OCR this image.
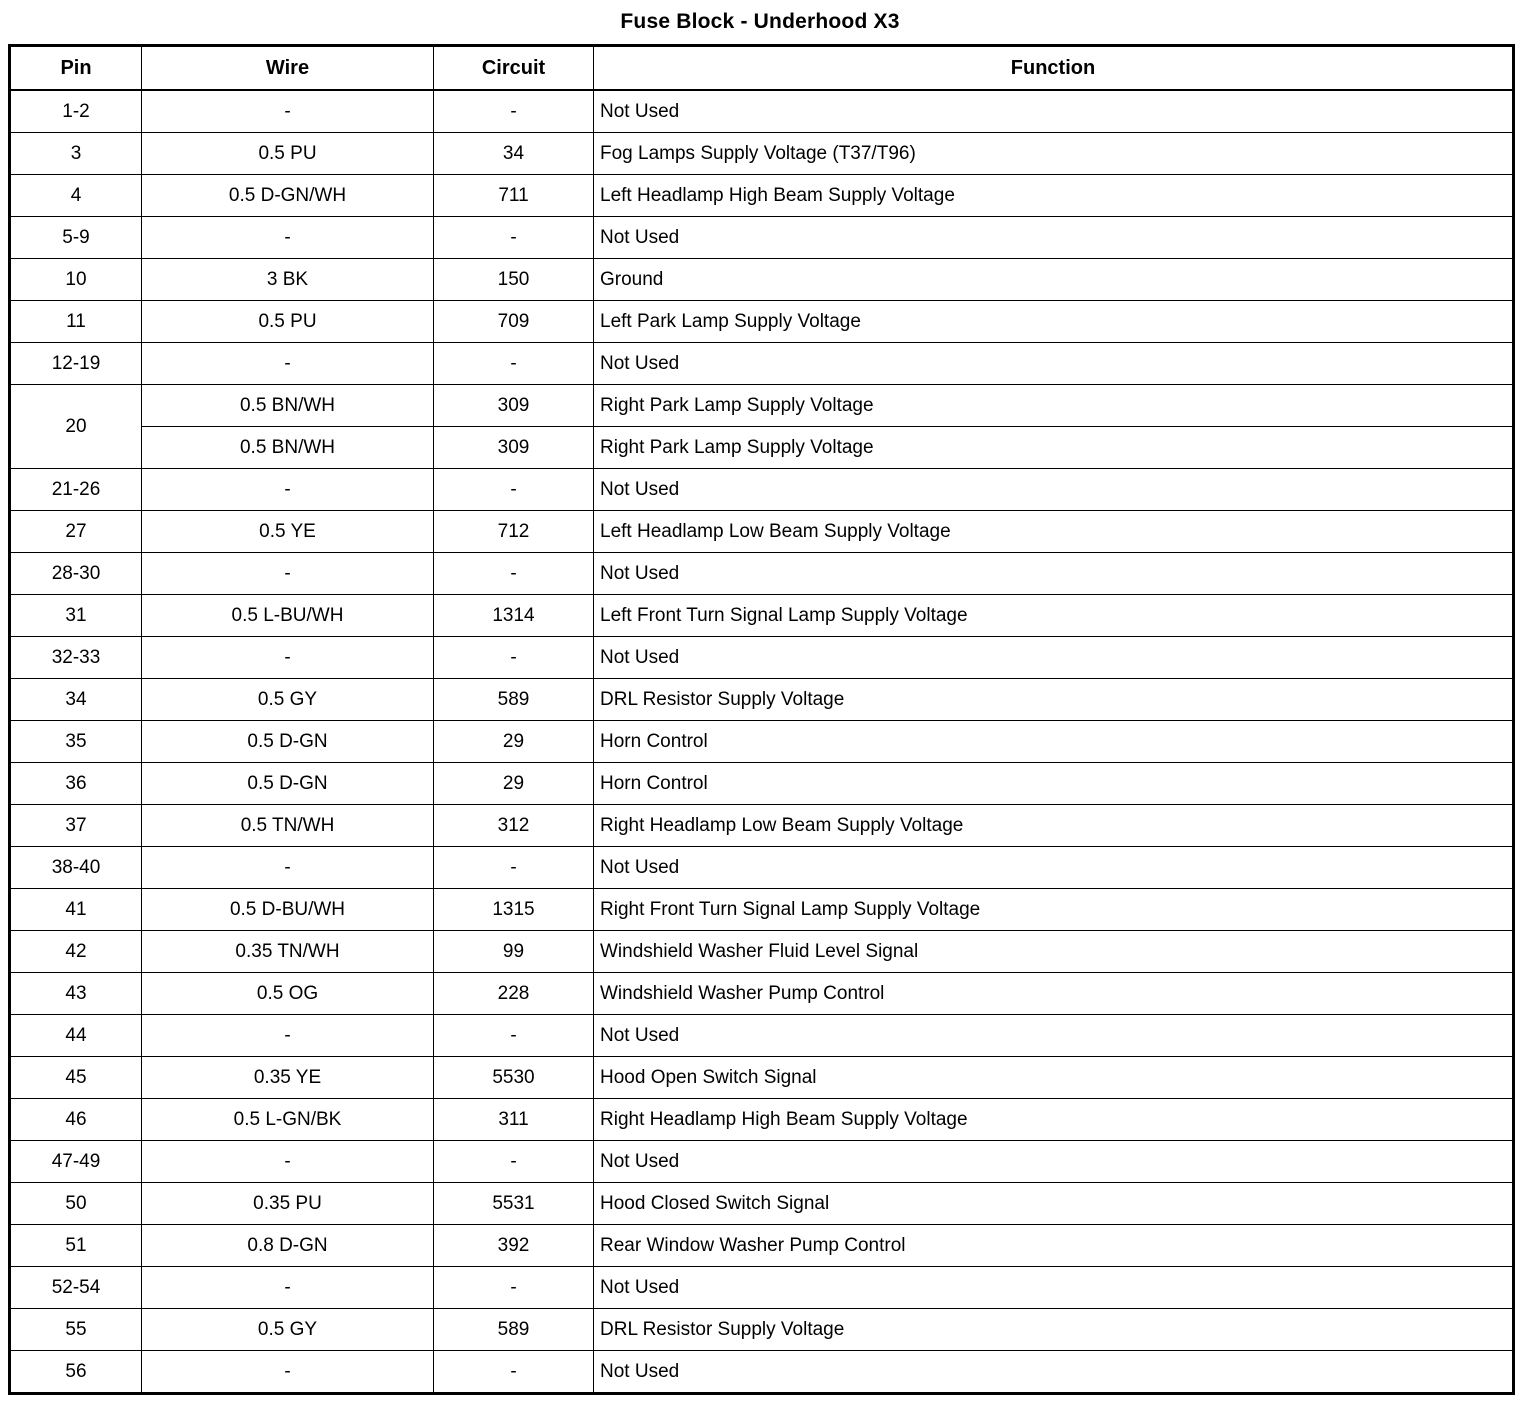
Fuse Block - Underhood X3
Pin	Wire	Circuit	Function
1-2	-	-	Not Used
3	0.5 PU	34	Fog Lamps Supply Voltage (T37/T96)
4	0.5 D-GN/WH	711	Left Headlamp High Beam Supply Voltage
5-9	-	-	Not Used
10	3 BK	150	Ground
11	0.5 PU	709	Left Park Lamp Supply Voltage
12-19	-	-	Not Used
20	0.5 BN/WH	309	Right Park Lamp Supply Voltage
	0.5 BN/WH	309	Right Park Lamp Supply Voltage
21-26	-	-	Not Used
27	0.5 YE	712	Left Headlamp Low Beam Supply Voltage
28-30	-	-	Not Used
31	0.5 L-BU/WH	1314	Left Front Turn Signal Lamp Supply Voltage
32-33	-	-	Not Used
34	0.5 GY	589	DRL Resistor Supply Voltage
35	0.5 D-GN	29	Horn Control
36	0.5 D-GN	29	Horn Control
37	0.5 TN/WH	312	Right Headlamp Low Beam Supply Voltage
38-40	-	-	Not Used
41	0.5 D-BU/WH	1315	Right Front Turn Signal Lamp Supply Voltage
42	0.35 TN/WH	99	Windshield Washer Fluid Level Signal
43	0.5 OG	228	Windshield Washer Pump Control
44	-	-	Not Used
45	0.35 YE	5530	Hood Open Switch Signal
46	0.5 L-GN/BK	311	Right Headlamp High Beam Supply Voltage
47-49	-	-	Not Used
50	0.35 PU	5531	Hood Closed Switch Signal
51	0.8 D-GN	392	Rear Window Washer Pump Control
52-54	-	-	Not Used
55	0.5 GY	589	DRL Resistor Supply Voltage
56	-	-	Not Used
